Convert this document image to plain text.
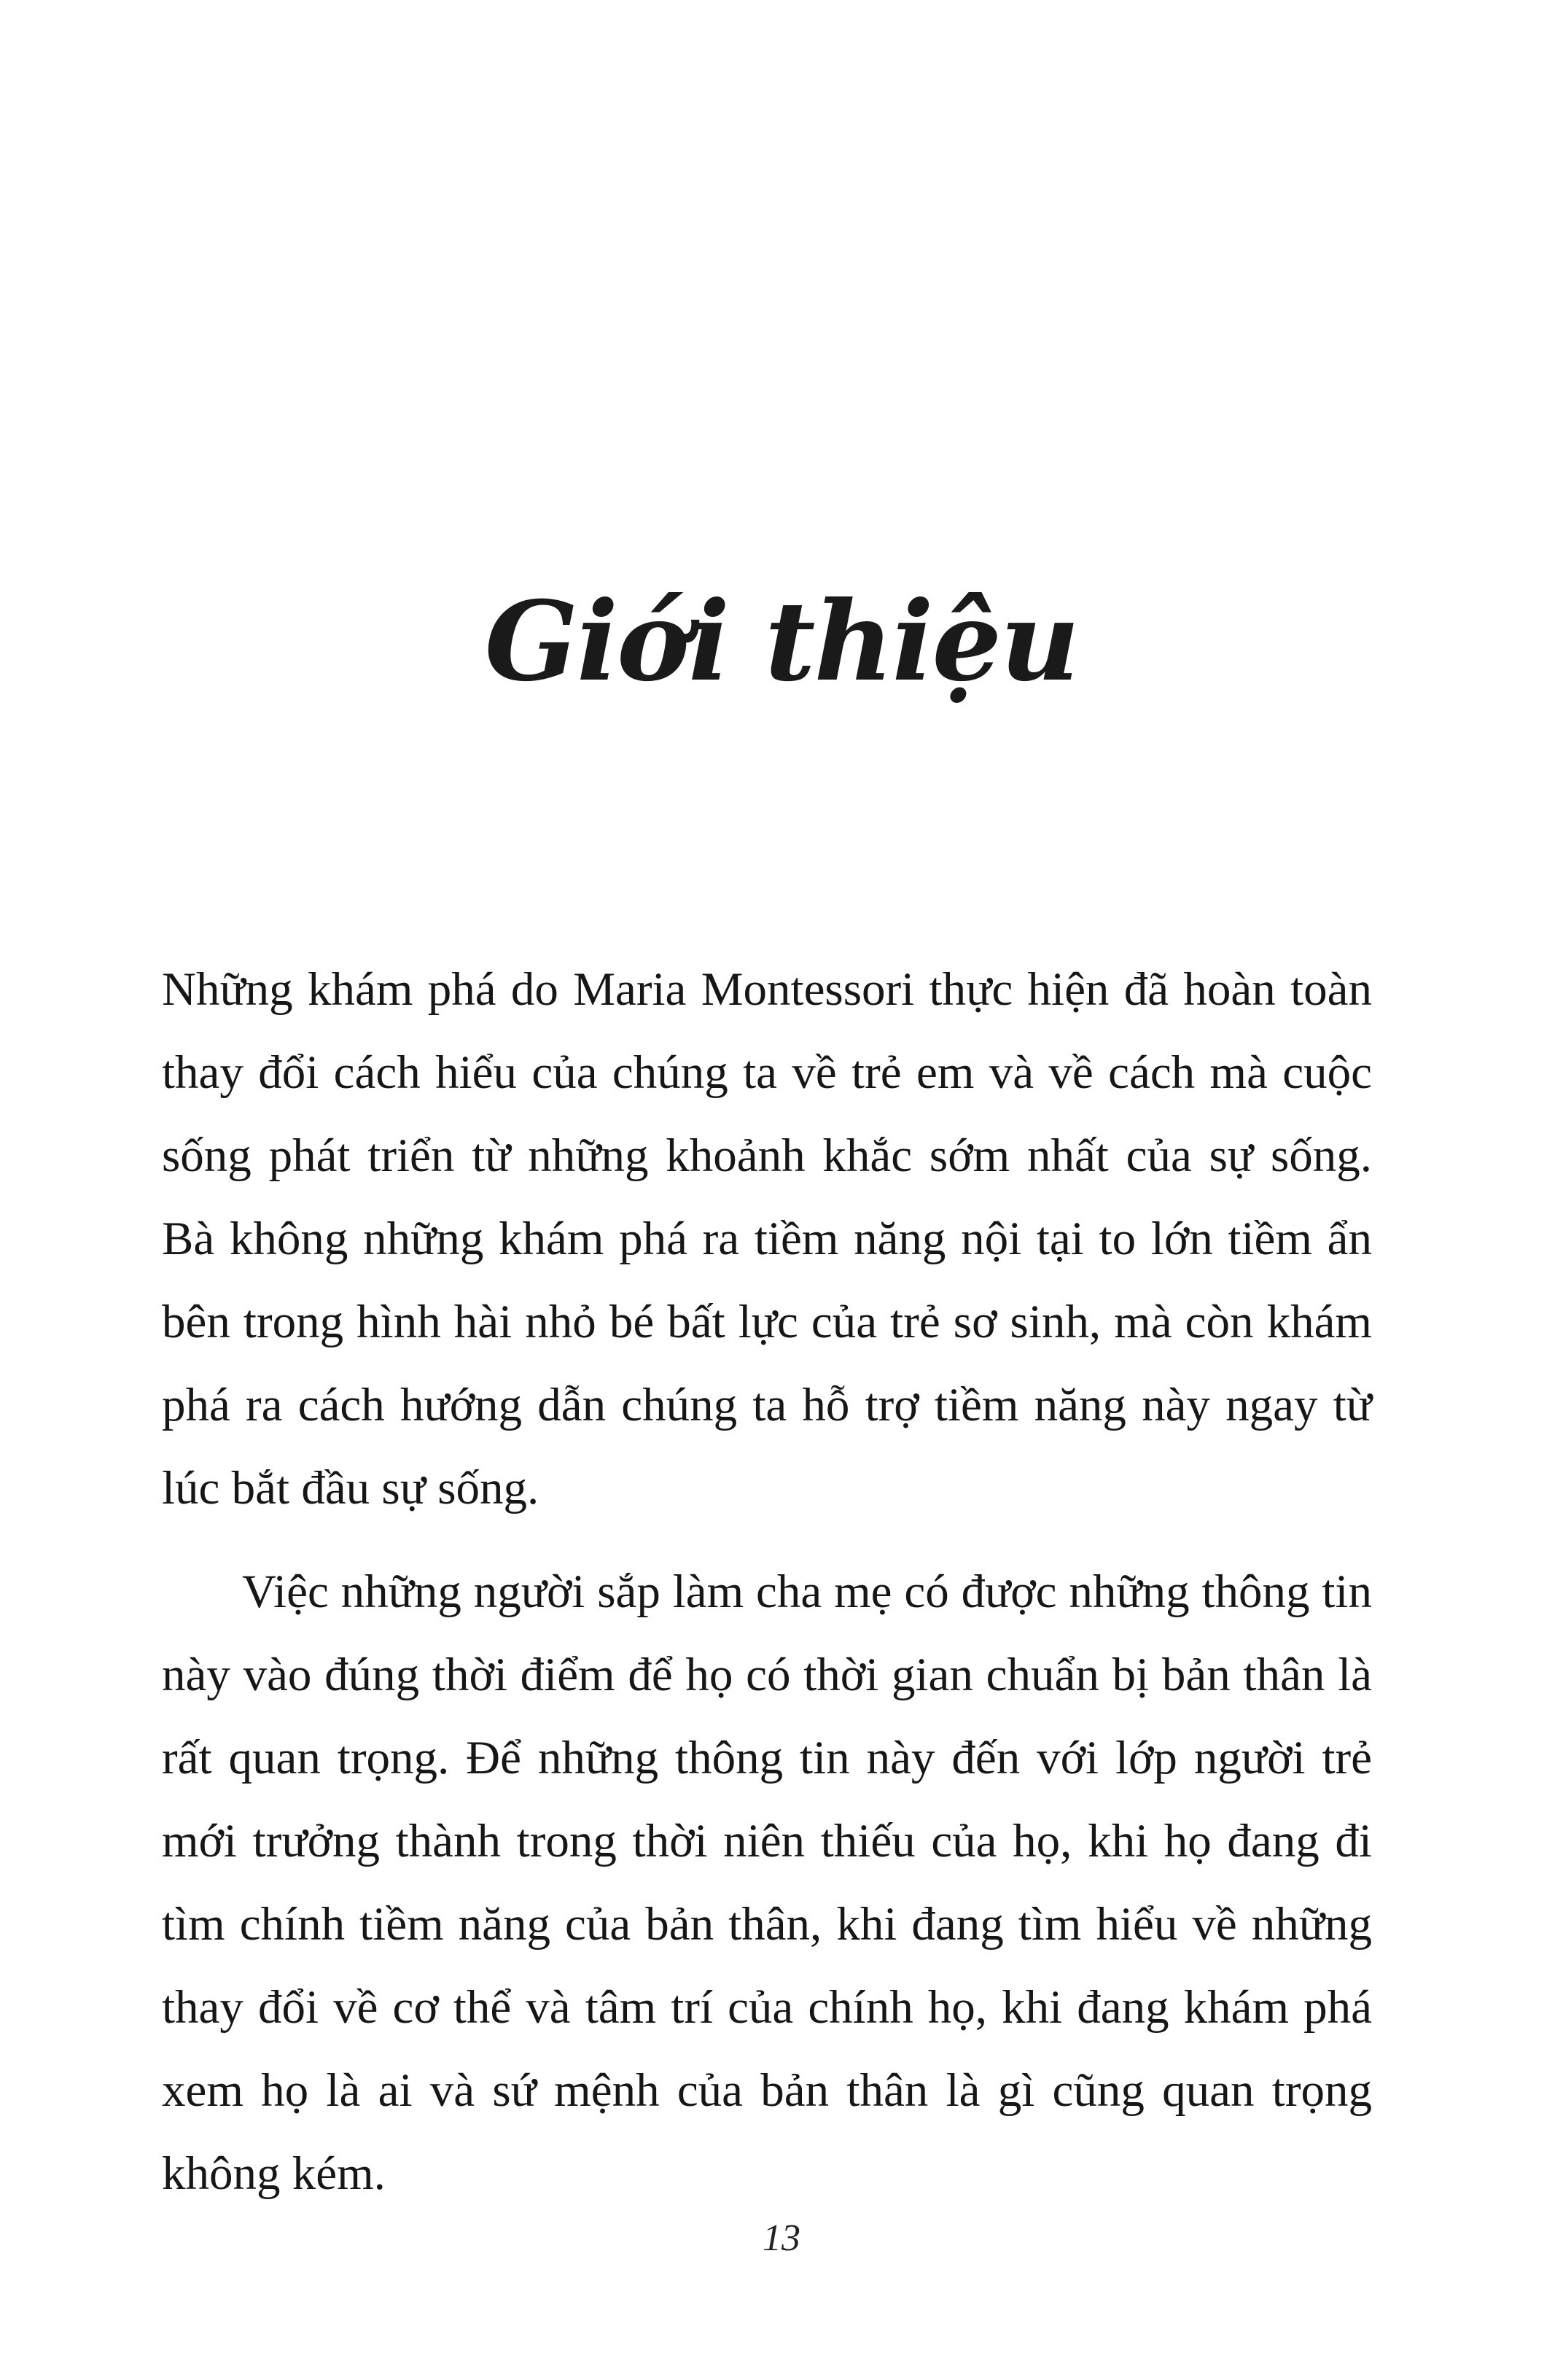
Giới thiệu

Những khám phá do Maria Montessori thực hiện đã hoàn toàn thay đổi cách hiểu của chúng ta về trẻ em và về cách mà cuộc sống phát triển từ những khoảnh khắc sớm nhất của sự sống. Bà không những khám phá ra tiềm năng nội tại to lớn tiềm ẩn bên trong hình hài nhỏ bé bất lực của trẻ sơ sinh, mà còn khám phá ra cách hướng dẫn chúng ta hỗ trợ tiềm năng này ngay từ lúc bắt đầu sự sống.

Việc những người sắp làm cha mẹ có được những thông tin này vào đúng thời điểm để họ có thời gian chuẩn bị bản thân là rất quan trọng. Để những thông tin này đến với lớp người trẻ mới trưởng thành trong thời niên thiếu của họ, khi họ đang đi tìm chính tiềm năng của bản thân, khi đang tìm hiểu về những thay đổi về cơ thể và tâm trí của chính họ, khi đang khám phá xem họ là ai và sứ mệnh của bản thân là gì cũng quan trọng không kém.

13
